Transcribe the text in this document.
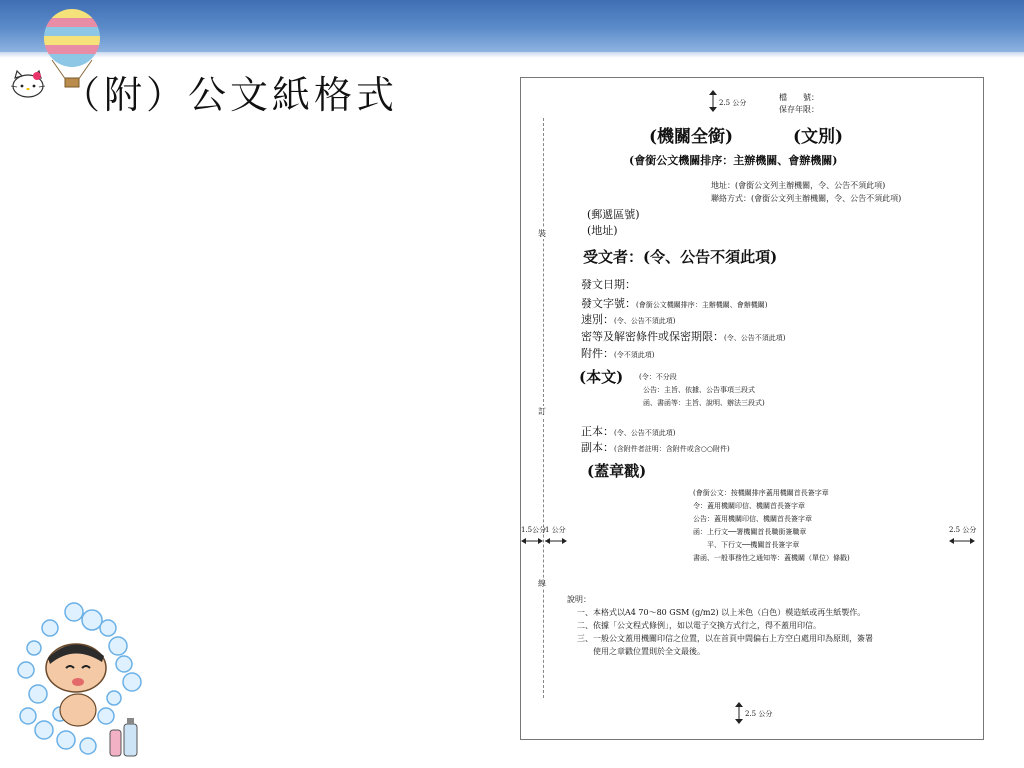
（附）公文紙格式	2.5 公分
檔　　號：
保存年限：
(機關全銜)	(文別)
(會銜公文機關排序：主辦機關、會辦機關)
地址：(會銜公文列主辦機關，令、公告不須此項)
聯絡方式：(會銜公文列主辦機關，令、公告不須此項)
(郵遞區號)
(地址)
受文者：(令、公告不須此項)
發文日期：
發文字號：(會銜公文機關排序：主辦機關、會辦機關)
速別：(令、公告不須此項)
密等及解密條件或保密期限：(令、公告不須此項)
附件：(令不須此項)
(本文) (令：不分段
公告：主旨、依據、公告事項三段式
函、書函等：主旨、說明、辦法三段式)
正本：(令、公告不須此項)
副本：(含附件者註明：含附件或含○○附件)
(蓋章戳)
(會銜公文：按機關排序蓋用機關首長簽字章
令：蓋用機關印信、機關首長簽字章
公告：蓋用機關印信、機關首長簽字章
函：上行文──署機關首長職銜簽職章
　　平、下行文──機關首長簽字章
書函、一般事務性之通知等：蓋機關（單位）條戳)
裝
訂
線
1.5公分
1 公分	2.5 公分
說明：
一、本格式以A4 70～80 GSM (g/m2) 以上米色（白色）模造紙或再生紙製作。
二、依據「公文程式條例」，如以電子交換方式行之，得不蓋用印信。
三、一般公文蓋用機關印信之位置，以在首頁中間偏右上方空白處用印為原則，簽署
　　使用之章戳位置則於全文最後。
2.5 公分
